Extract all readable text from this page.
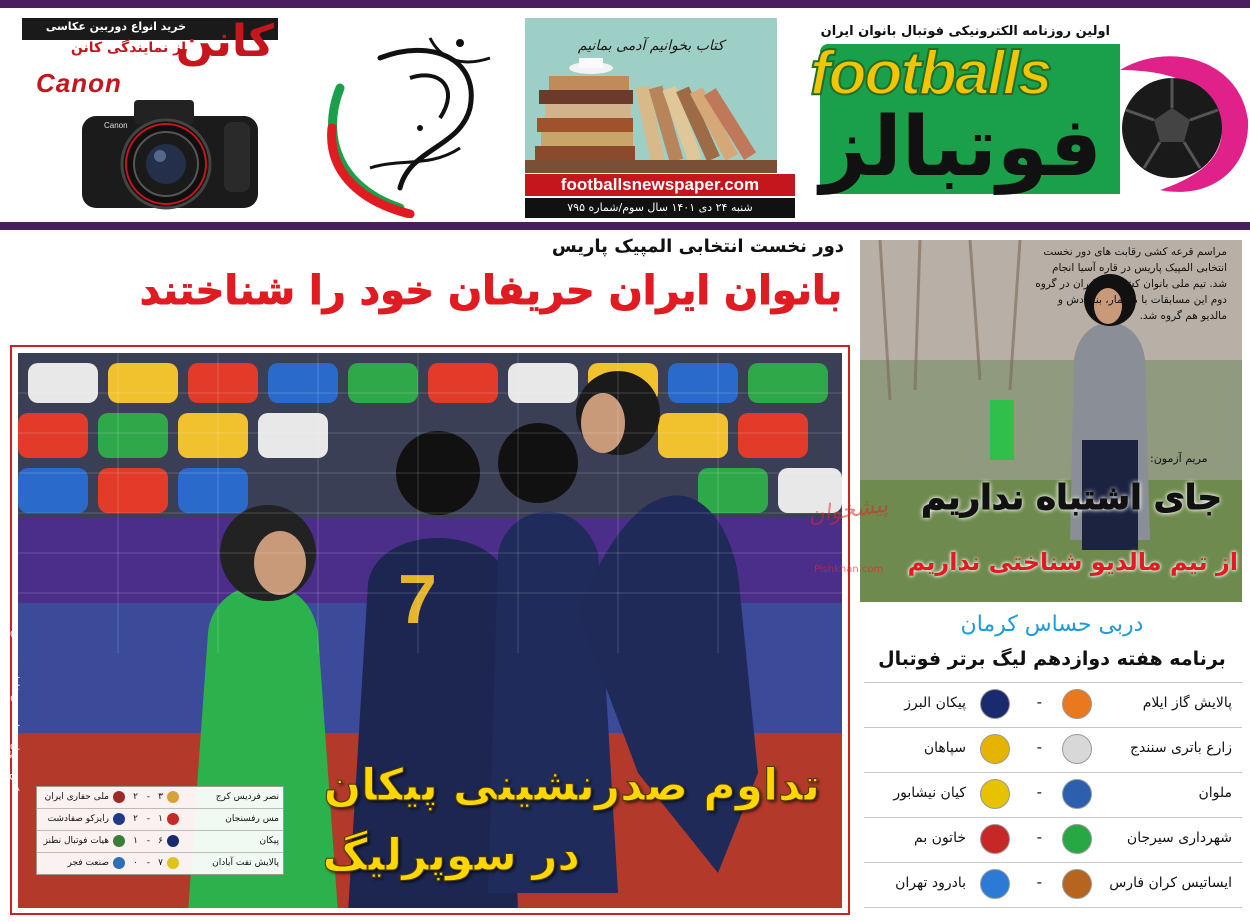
خرید انواع دوربین عکاسی
از نمایندگی کانن
کانن
Canon
Canon
کتاب بخوانیم آدمی بمانیم
footballsnewspaper.com
شنبه ۲۴ دی ۱۴۰۱ سال سوم/شماره ۷۹۵
اولین روزنامه الکترونیکی فوتبال بانوان ایران
footballs
فوتبالز
دور نخست انتخابی المپیک پاریس
بانوان ایران حریفان خود را شناختند
7
عکس: سهیل سعادتمندی فاطمه شمسی	تداوم صدرنشینی پیکان
در سوپرلیگ
نصر فردیس کرج
۳
-
۲
ملی حفاری ایران
مس رفسنجان
۱
-
۲
رایزکو صفادشت
پیکان
۶
-
۱
هیات فوتبال نطنز
پالایش نفت آبادان
۷
-
۰
صنعت فجر
مراسم قرعه کشی رقابت های دور نخست انتخابی المپیک پاریس در قاره آسیا انجام شد. تیم ملی بانوان کشورمان ایران در گروه دوم این مسابقات با میانمار، بنگلادش و مالدیو هم گروه شد.
مریم آزمون:
جای اشتباه نداریم
از تیم مالدیو شناختی نداریم
پیشخوان
Pishkhan.com
دربی حساس کرمان
برنامه هفته دوازدهم لیگ برتر فوتبال
پالایش گاز ایلام
-
پیکان البرز
زارع باتری سنندج
-
سپاهان
ملوان
-
کیان نیشابور
شهرداری سیرجان
-
خاتون بم
ایساتیس کران فارس
-
بادرود تهران
